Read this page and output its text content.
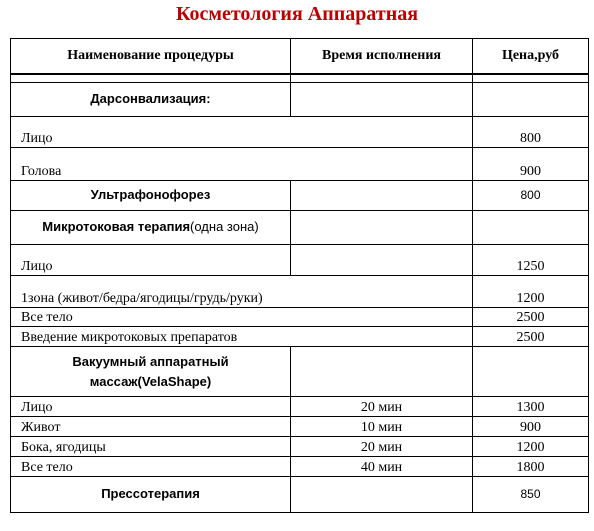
Косметология Аппаратная
Наименование процедуры	Время исполнения	Цена,руб

Дарсонвализация:		
Лицо		800
Голова		900
Ультрафонофорез		800
Микротоковая терапия(одна зона)		
Лицо		1250
1зона (живот/бедра/ягодицы/грудь/руки)		1200
Все тело		2500
Введение микротоковых препаратов		2500

Вакуумный аппаратный
массаж(VelaShape)		

Лицо	20 мин	1300
Живот	10 мин	900
Бока, ягодицы	20 мин	1200
Все тело	40 мин	1800
Прессотерапия		850
